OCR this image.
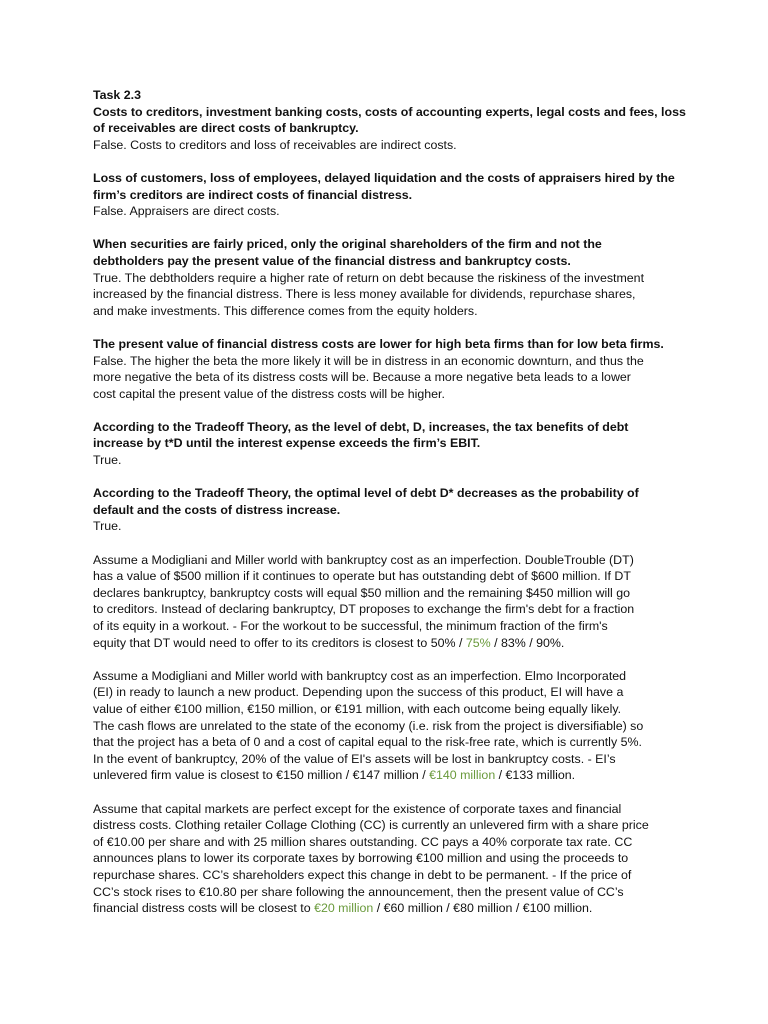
Task 2.3
Costs to creditors, investment banking costs, costs of accounting experts, legal costs and fees, loss
of receivables are direct costs of bankruptcy.
False. Costs to creditors and loss of receivables are indirect costs.
Loss of customers, loss of employees, delayed liquidation and the costs of appraisers hired by the
firm’s creditors are indirect costs of financial distress.
False. Appraisers are direct costs.
When securities are fairly priced, only the original shareholders of the firm and not the
debtholders pay the present value of the financial distress and bankruptcy costs.
True. The debtholders require a higher rate of return on debt because the riskiness of the investment
increased by the financial distress. There is less money available for dividends, repurchase shares,
and make investments. This difference comes from the equity holders.
The present value of financial distress costs are lower for high beta firms than for low beta firms.
False. The higher the beta the more likely it will be in distress in an economic downturn, and thus the
more negative the beta of its distress costs will be. Because a more negative beta leads to a lower
cost capital the present value of the distress costs will be higher.
According to the Tradeoff Theory, as the level of debt, D, increases, the tax benefits of debt
increase by t*D until the interest expense exceeds the firm’s EBIT.
True.
According to the Tradeoff Theory, the optimal level of debt D* decreases as the probability of
default and the costs of distress increase.
True.
Assume a Modigliani and Miller world with bankruptcy cost as an imperfection. DoubleTrouble (DT)
has a value of $500 million if it continues to operate but has outstanding debt of $600 million. If DT
declares bankruptcy, bankruptcy costs will equal $50 million and the remaining $450 million will go
to creditors. Instead of declaring bankruptcy, DT proposes to exchange the firm's debt for a fraction
of its equity in a workout. - For the workout to be successful, the minimum fraction of the firm's
equity that DT would need to offer to its creditors is closest to 50% / 75% / 83% / 90%.
Assume a Modigliani and Miller world with bankruptcy cost as an imperfection. Elmo Incorporated
(EI) in ready to launch a new product. Depending upon the success of this product, EI will have a
value of either €100 million, €150 million, or €191 million, with each outcome being equally likely.
The cash flows are unrelated to the state of the economy (i.e. risk from the project is diversifiable) so
that the project has a beta of 0 and a cost of capital equal to the risk-free rate, which is currently 5%.
In the event of bankruptcy, 20% of the value of EI's assets will be lost in bankruptcy costs. - EI’s
unlevered firm value is closest to €150 million / €147 million / €140 million / €133 million.
Assume that capital markets are perfect except for the existence of corporate taxes and financial
distress costs. Clothing retailer Collage Clothing (CC) is currently an unlevered firm with a share price
of €10.00 per share and with 25 million shares outstanding. CC pays a 40% corporate tax rate. CC
announces plans to lower its corporate taxes by borrowing €100 million and using the proceeds to
repurchase shares. CC’s shareholders expect this change in debt to be permanent. - If the price of
CC’s stock rises to €10.80 per share following the announcement, then the present value of CC’s
financial distress costs will be closest to €20 million / €60 million / €80 million / €100 million.
